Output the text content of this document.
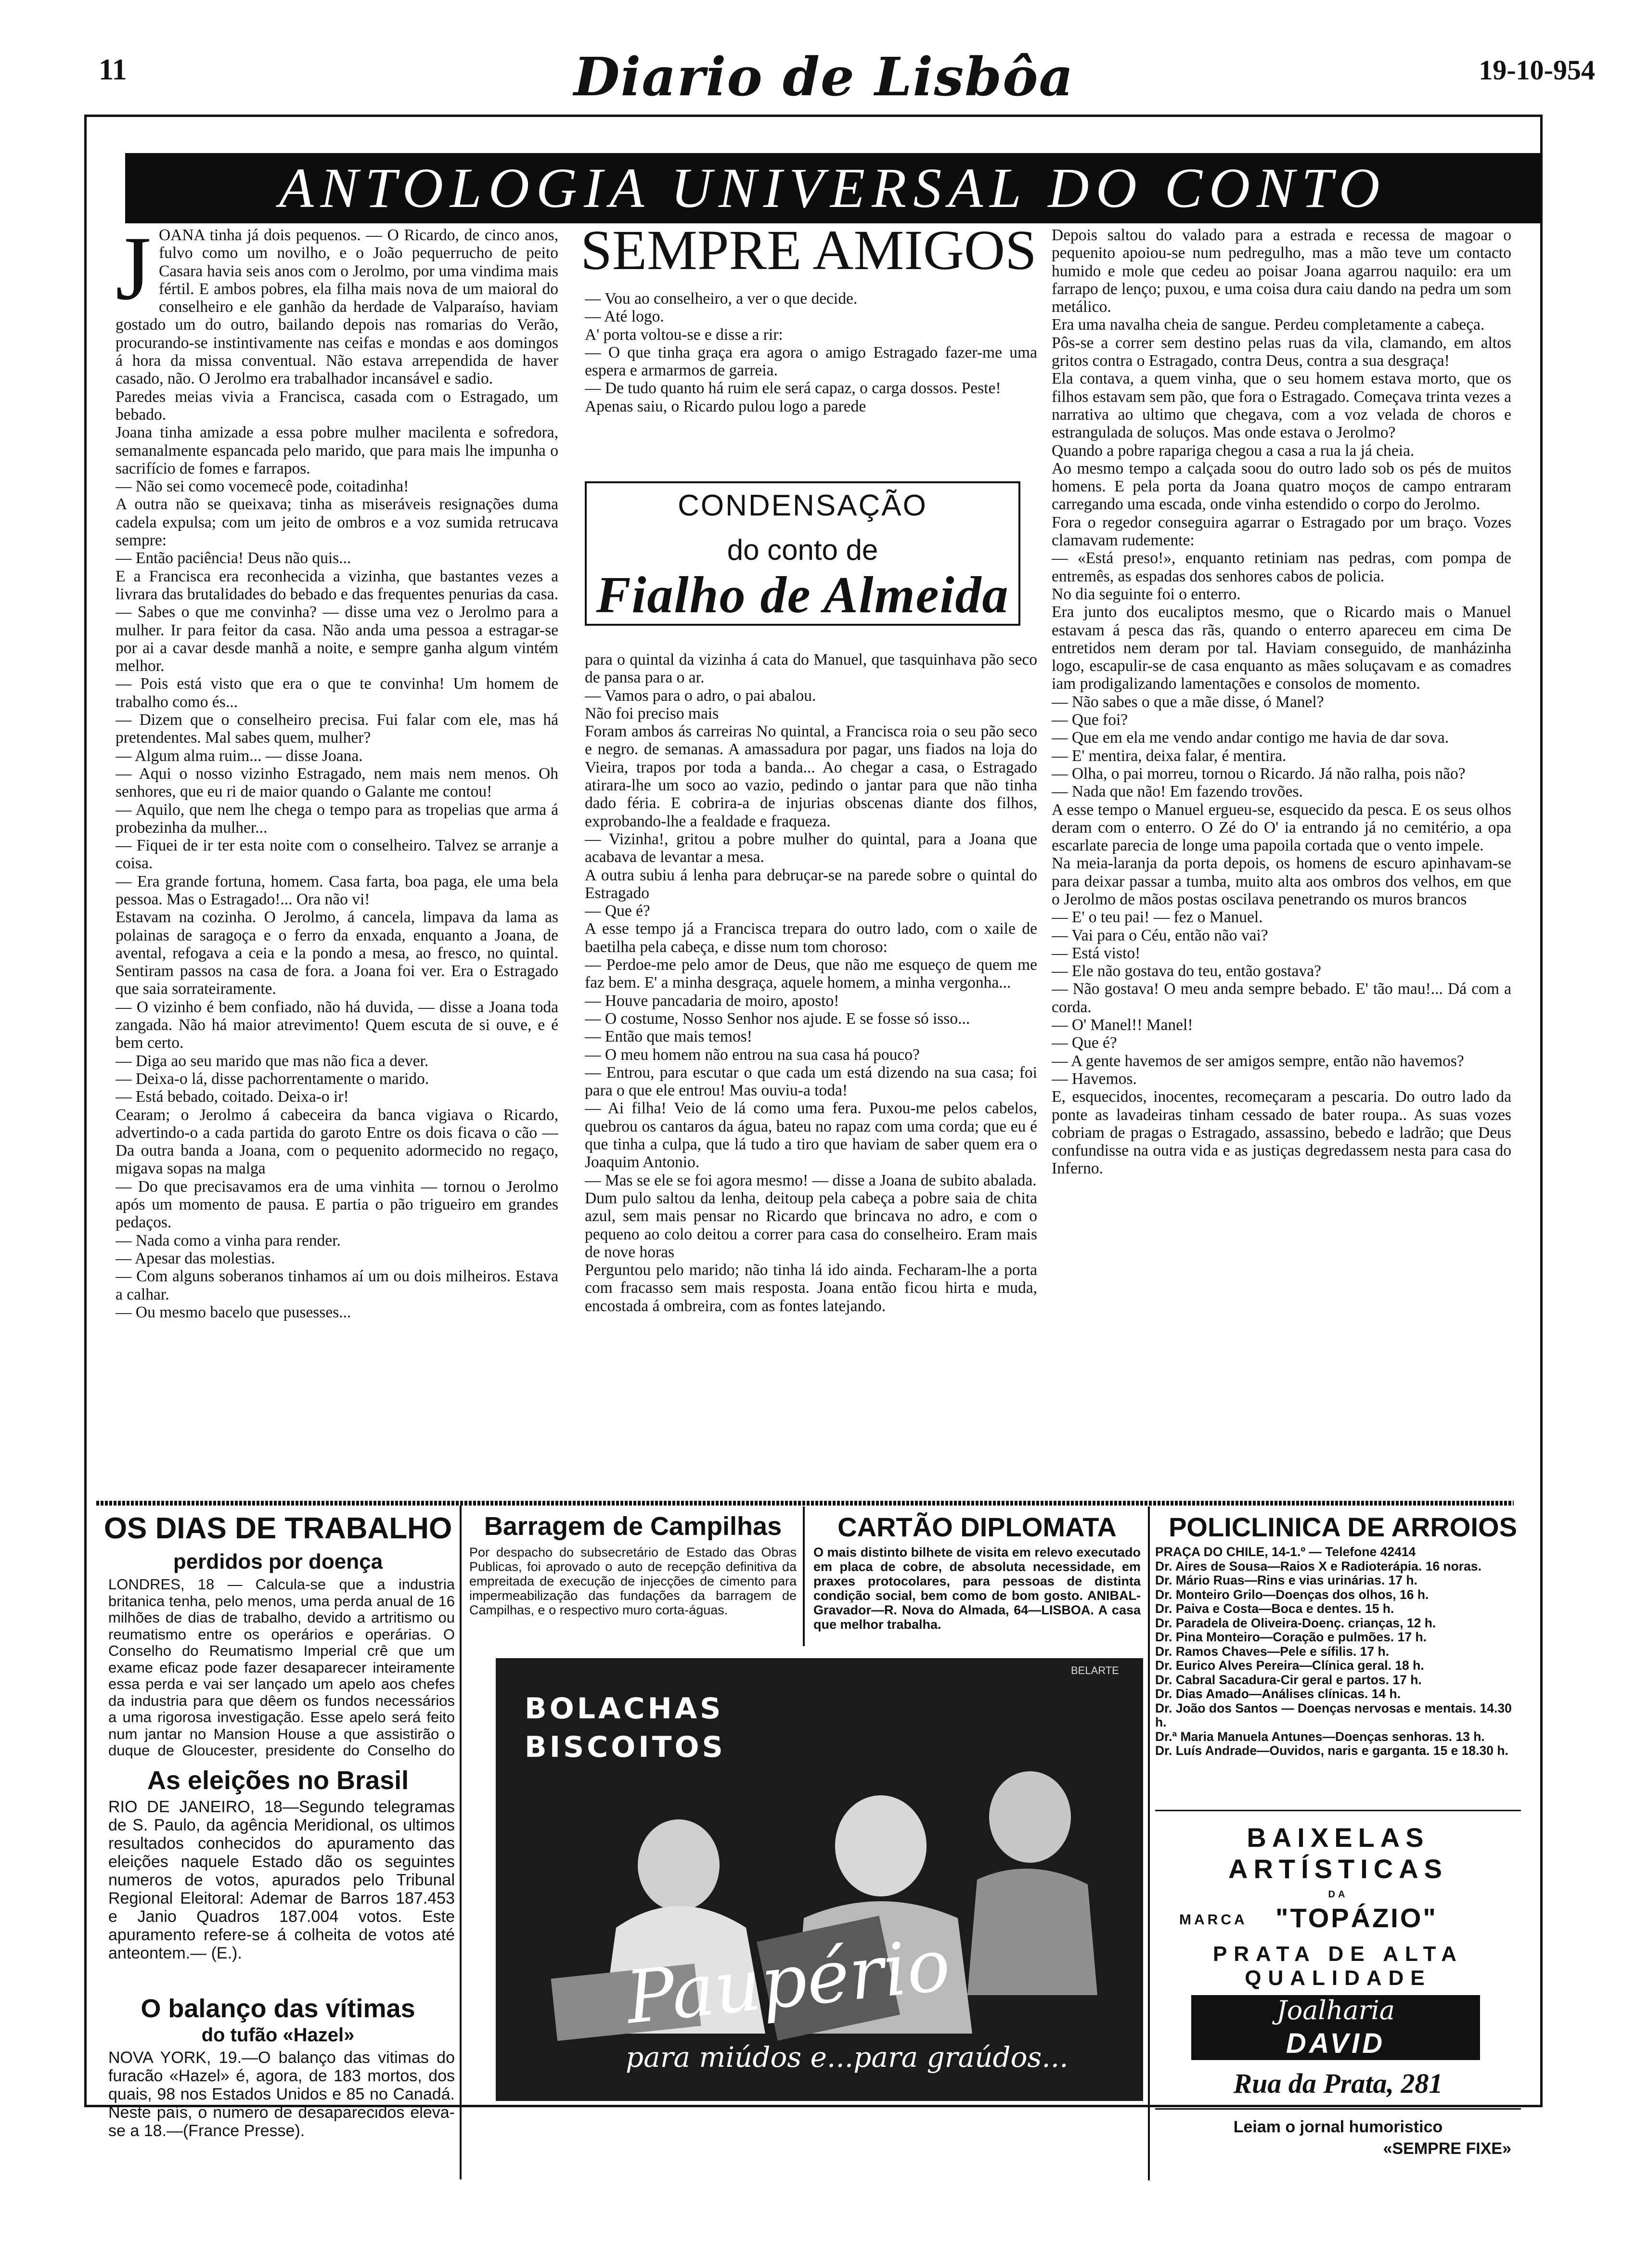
11	Diario de Lisbôa	19-10-954
ANTOLOGIA UNIVERSAL DO CONTO
JOANA tinha já dois pequenos. — O Ricardo, de cinco anos, fulvo como um novilho, e o João pequerrucho de peito Casara havia seis anos com o Jerolmo, por uma vindima mais fértil. E ambos pobres, ela filha mais nova de um maioral do conselheiro e ele ganhão da herdade de Valparaíso, haviam gostado um do outro, bailando depois nas romarias do Verão, procurando-se instintivamente nas ceifas e mondas e aos domingos á hora da missa conventual. Não estava arrependida de haver casado, não. O Jerolmo era trabalhador incansável e sadio.
Paredes meias vivia a Francisca, casada com o Estragado, um bebado.
Joana tinha amizade a essa pobre mulher macilenta e sofredora, semanalmente espancada pelo marido, que para mais lhe impunha o sacrifício de fomes e farrapos.
— Não sei como vocemecê pode, coitadinha!
A outra não se queixava; tinha as miseráveis resignações duma cadela expulsa; com um jeito de ombros e a voz sumida retrucava sempre:
— Então paciência! Deus não quis...
E a Francisca era reconhecida a vizinha, que bastantes vezes a livrara das brutalidades do bebado e das frequentes penurias da casa.
— Sabes o que me convinha? — disse uma vez o Jerolmo para a mulher. Ir para feitor da casa. Não anda uma pessoa a estragar-se por ai a cavar desde manhã a noite, e sempre ganha algum vintém melhor.
— Pois está visto que era o que te convinha! Um homem de trabalho como és...
— Dizem que o conselheiro precisa. Fui falar com ele, mas há pretendentes. Mal sabes quem, mulher?
— Algum alma ruim... — disse Joana.
— Aqui o nosso vizinho Estragado, nem mais nem menos. Oh senhores, que eu ri de maior quando o Galante me contou!
— Aquilo, que nem lhe chega o tempo para as tropelias que arma á probezinha da mulher...
— Fiquei de ir ter esta noite com o conselheiro. Talvez se arranje a coisa.
— Era grande fortuna, homem. Casa farta, boa paga, ele uma bela pessoa. Mas o Estragado!... Ora não vi!
Estavam na cozinha. O Jerolmo, á cancela, limpava da lama as polainas de saragoça e o ferro da enxada, enquanto a Joana, de avental, refogava a ceia e la pondo a mesa, ao fresco, no quintal. Sentiram passos na casa de fora. a Joana foi ver. Era o Estragado que saia sorrateiramente.
— O vizinho é bem confiado, não há duvida, — disse a Joana toda zangada. Não há maior atrevimento! Quem escuta de si ouve, e é bem certo.
— Diga ao seu marido que mas não fica a dever.
— Deixa-o lá, disse pachorrentamente o marido.
— Está bebado, coitado. Deixa-o ir!
Cearam; o Jerolmo á cabeceira da banca vigiava o Ricardo, advertindo-o a cada partida do garoto Entre os dois ficava o cão — Da outra banda a Joana, com o pequenito adormecido no regaço, migava sopas na malga
— Do que precisavamos era de uma vinhita — tornou o Jerolmo após um momento de pausa. E partia o pão trigueiro em grandes pedaços.
— Nada como a vinha para render.
— Apesar das molestias.
— Com alguns soberanos tinhamos aí um ou dois milheiros. Estava a calhar.
— Ou mesmo bacelo que pusesses...
SEMPRE AMIGOS
— Vou ao conselheiro, a ver o que decide.
— Até logo.
A' porta voltou-se e disse a rir:
— O que tinha graça era agora o amigo Estragado fazer-me uma espera e armarmos de garreia.
— De tudo quanto há ruim ele será capaz, o carga dossos. Peste!
Apenas saiu, o Ricardo pulou logo a parede
CONDENSAÇÃO
do conto de
Fialho de Almeida
para o quintal da vizinha á cata do Manuel, que tasquinhava pão seco de pansa para o ar.
— Vamos para o adro, o pai abalou.
Não foi preciso mais
Foram ambos ás carreiras No quintal, a Francisca roia o seu pão seco e negro. de semanas. A amassadura por pagar, uns fiados na loja do Vieira, trapos por toda a banda... Ao chegar a casa, o Estragado atirara-lhe um soco ao vazio, pedindo o jantar para que não tinha dado féria. E cobrira-a de injurias obscenas diante dos filhos, exprobando-lhe a fealdade e fraqueza.
— Vizinha!, gritou a pobre mulher do quintal, para a Joana que acabava de levantar a mesa.
A outra subiu á lenha para debruçar-se na parede sobre o quintal do Estragado
— Que é?
A esse tempo já a Francisca trepara do outro lado, com o xaile de baetilha pela cabeça, e disse num tom choroso:
— Perdoe-me pelo amor de Deus, que não me esqueço de quem me faz bem. E' a minha desgraça, aquele homem, a minha vergonha...
— Houve pancadaria de moiro, aposto!
— O costume, Nosso Senhor nos ajude. E se fosse só isso...
— Então que mais temos!
— O meu homem não entrou na sua casa há pouco?
— Entrou, para escutar o que cada um está dizendo na sua casa; foi para o que ele entrou! Mas ouviu-a toda!
— Ai filha! Veio de lá como uma fera. Puxou-me pelos cabelos, quebrou os cantaros da água, bateu no rapaz com uma corda; que eu é que tinha a culpa, que lá tudo a tiro que haviam de saber quem era o Joaquim Antonio.
— Mas se ele se foi agora mesmo! — disse a Joana de subito abalada.
Dum pulo saltou da lenha, deitoup pela cabeça a pobre saia de chita azul, sem mais pensar no Ricardo que brincava no adro, e com o pequeno ao colo deitou a correr para casa do conselheiro. Eram mais de nove horas
Perguntou pelo marido; não tinha lá ido ainda. Fecharam-lhe a porta com fracasso sem mais resposta. Joana então ficou hirta e muda, encostada á ombreira, com as fontes latejando.
Depois saltou do valado para a estrada e recessa de magoar o pequenito apoiou-se num pedregulho, mas a mão teve um contacto humido e mole que cedeu ao poisar Joana agarrou naquilo: era um farrapo de lenço; puxou, e uma coisa dura caiu dando na pedra um som metálico.
Era uma navalha cheia de sangue. Perdeu completamente a cabeça.
Pôs-se a correr sem destino pelas ruas da vila, clamando, em altos gritos contra o Estragado, contra Deus, contra a sua desgraça!
Ela contava, a quem vinha, que o seu homem estava morto, que os filhos estavam sem pão, que fora o Estragado. Começava trinta vezes a narrativa ao ultimo que chegava, com a voz velada de choros e estrangulada de soluços. Mas onde estava o Jerolmo?
Quando a pobre rapariga chegou a casa a rua la já cheia.
Ao mesmo tempo a calçada soou do outro lado sob os pés de muitos homens. E pela porta da Joana quatro moços de campo entraram carregando uma escada, onde vinha estendido o corpo do Jerolmo.
Fora o regedor conseguira agarrar o Estragado por um braço. Vozes clamavam rudemente:
— «Está preso!», enquanto retiniam nas pedras, com pompa de entremês, as espadas dos senhores cabos de policia.
No dia seguinte foi o enterro.
Era junto dos eucaliptos mesmo, que o Ricardo mais o Manuel estavam á pesca das rãs, quando o enterro apareceu em cima De entretidos nem deram por tal. Haviam conseguido, de manházinha logo, escapulir-se de casa enquanto as mães soluçavam e as comadres iam prodigalizando lamentações e consolos de momento.
— Não sabes o que a mãe disse, ó Manel?
— Que foi?
— Que em ela me vendo andar contigo me havia de dar sova.
— E' mentira, deixa falar, é mentira.
— Olha, o pai morreu, tornou o Ricardo. Já não ralha, pois não?
— Nada que não! Em fazendo trovões.
A esse tempo o Manuel ergueu-se, esquecido da pesca. E os seus olhos deram com o enterro. O Zé do O' ia entrando já no cemitério, a opa escarlate parecia de longe uma papoila cortada que o vento impele.
Na meia-laranja da porta depois, os homens de escuro apinhavam-se para deixar passar a tumba, muito alta aos ombros dos velhos, em que o Jerolmo de mãos postas oscilava penetrando os muros brancos
— E' o teu pai! — fez o Manuel.
— Vai para o Céu, então não vai?
— Está visto!
— Ele não gostava do teu, então gostava?
— Não gostava! O meu anda sempre bebado. E' tão mau!... Dá com a corda.
— O' Manel!! Manel!
— Que é?
— A gente havemos de ser amigos sempre, então não havemos?
— Havemos.
E, esquecidos, inocentes, recomeçaram a pescaria. Do outro lado da ponte as lavadeiras tinham cessado de bater roupa.. As suas vozes cobriam de pragas o Estragado, assassino, bebedo e ladrão; que Deus confundisse na outra vida e as justiças degredassem nesta para casa do Inferno.
OS DIAS DE TRABALHO
perdidos por doença
LONDRES, 18 — Calcula-se que a industria britanica tenha, pelo menos, uma perda anual de 16 milhões de dias de trabalho, devido a artritismo ou reumatismo entre os operários e operárias. O Conselho do Reumatismo Imperial crê que um exame eficaz pode fazer desaparecer inteiramente essa perda e vai ser lançado um apelo aos chefes da industria para que dêem os fundos necessários a uma rigorosa investigação. Esse apelo será feito num jantar no Mansion House a que assistirão o duque de Gloucester, presidente do Conselho do
As eleições no Brasil
RIO DE JANEIRO, 18—Segundo telegramas de S. Paulo, da agência Meridional, os ultimos resultados conhecidos do apuramento das eleições naquele Estado dão os seguintes numeros de votos, apurados pelo Tribunal Regional Eleitoral: Ademar de Barros 187.453 e Janio Quadros 187.004 votos. Este apuramento refere-se á colheita de votos até anteontem.— (E.).
O balanço das vítimas
do tufão «Hazel»
NOVA YORK, 19.—O balanço das vitimas do furacão «Hazel» é, agora, de 183 mortos, dos quais, 98 nos Estados Unidos e 85 no Canadá. Neste país, o numero de desaparecidos eleva-se a 18.—(France Presse).
Barragem de Campilhas
Por despacho do subsecretário de Estado das Obras Publicas, foi aprovado o auto de recepção definitiva da empreitada de execução de injecções de cimento para impermeabilização das fundações da barragem de Campilhas, e o respectivo muro corta-águas.
CARTÃO DIPLOMATA
O mais distinto bilhete de visita em relevo executado em placa de cobre, de absoluta necessidade, em praxes protocolares, para pessoas de distinta condição social, bem como de bom gosto. ANIBAL-Gravador—R. Nova do Almada, 64—LISBOA. A casa que melhor trabalha.
BOLACHAS
BISCOITOS
BELARTE
Paupério
para miúdos e...para graúdos...
POLICLINICA DE ARROIOS
PRAÇA DO CHILE, 14-1.º — Telefone 42414
Dr. Aires de Sousa—Raios X e Radioterápia. 16 noras.
Dr. Mário Ruas—Rins e vias urinárias. 17 h.
Dr. Monteiro Grilo—Doenças dos olhos, 16 h.
Dr. Paiva e Costa—Boca e dentes. 15 h.
Dr. Paradela de Oliveira-Doenç. crianças, 12 h.
Dr. Pina Monteiro—Coração e pulmões. 17 h.
Dr. Ramos Chaves—Pele e sífilis. 17 h.
Dr. Eurico Alves Pereira—Clínica geral. 18 h.
Dr. Cabral Sacadura-Cir geral e partos. 17 h.
Dr. Dias Amado—Análises clínicas. 14 h.
Dr. João dos Santos — Doenças nervosas e mentais. 14.30 h.
Dr.ª Maria Manuela Antunes—Doenças senhoras. 13 h.
Dr. Luís Andrade—Ouvidos, naris e garganta. 15 e 18.30 h.
BAIXELAS
ARTÍSTICAS
DA
MARCA "TOPÁZIO"
PRATA DE ALTA
QUALIDADE
Joalharia
DAVID
Rua da Prata, 281
Leiam o jornal humoristico
«SEMPRE FIXE»
